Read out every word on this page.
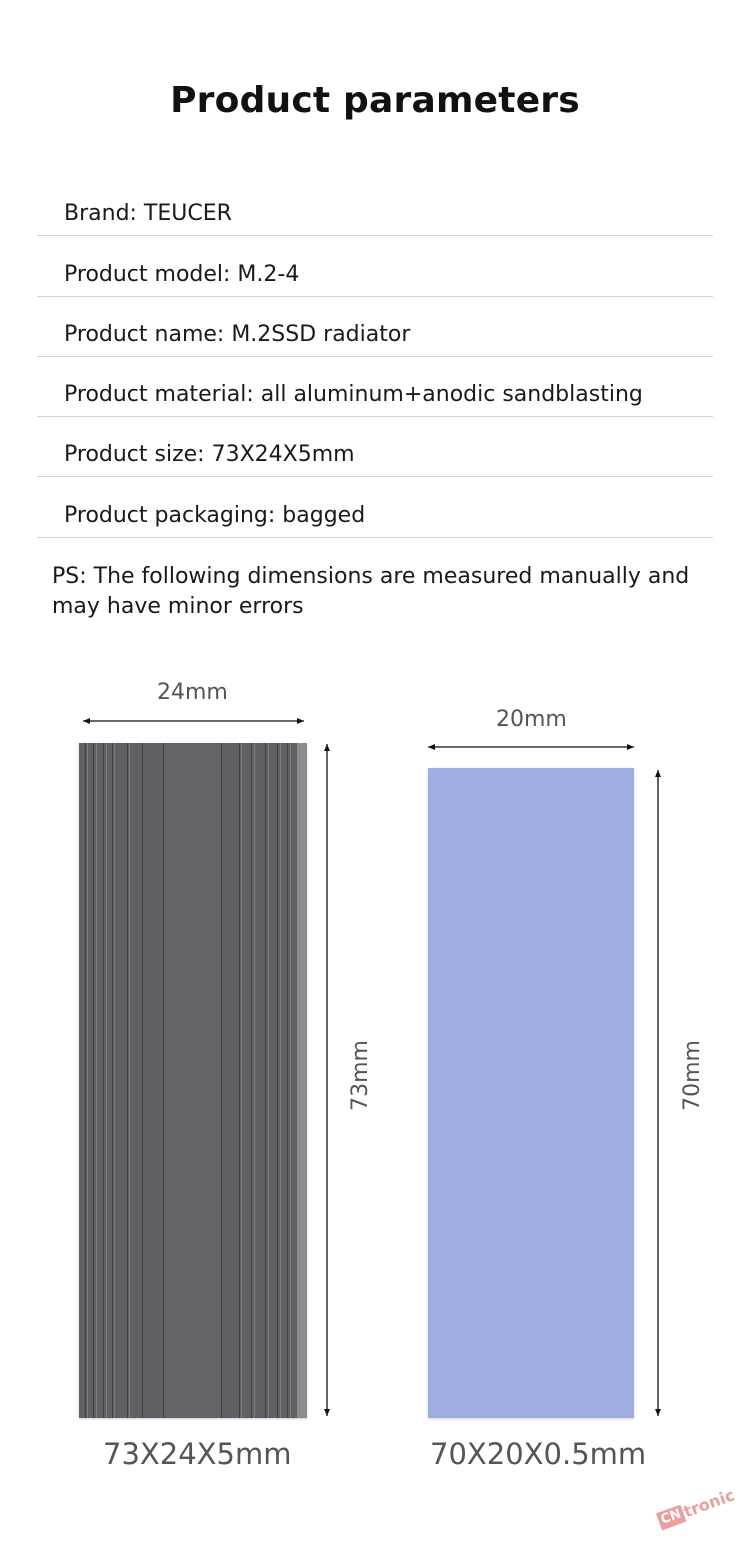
Product parameters
Brand: TEUCER
Product model: M.2-4
Product name: M.2SSD radiator
Product material: all aluminum+anodic sandblasting
Product size: 73X24X5mm
Product packaging: bagged
PS: The following dimensions are measured manually and may have minor errors
24mm
73mm
20mm
70mm
73X24X5mm	70X20X0.5mm
CN
tronic
